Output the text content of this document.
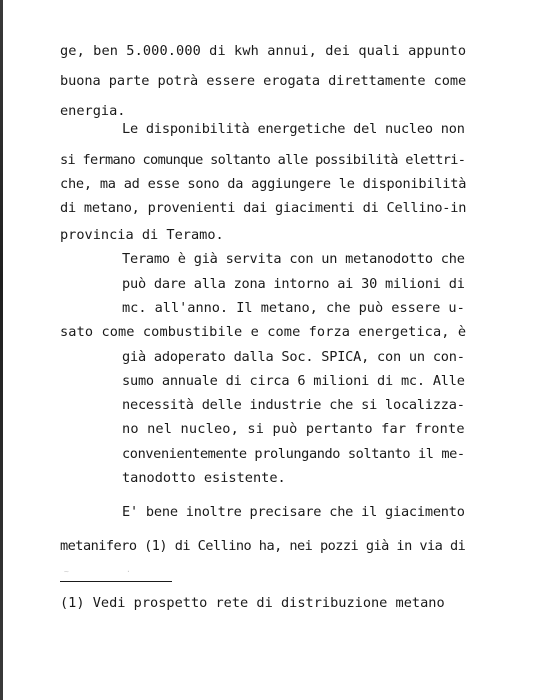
ge, ben 5.000.000 di kwh annui, dei quali appunto
buona parte potrà essere erogata direttamente come
energia.
Le disponibilità energetiche del nucleo non
si fermano comunque soltanto alle possibilità elettri-
che, ma ad esse sono da aggiungere le disponibilità
di metano, provenienti dai giacimenti di Cellino-in
provincia di Teramo.
Teramo è già servita con un metanodotto che
può dare alla zona intorno ai 30 milioni di
mc. all'anno. Il metano, che può essere u-
sato come combustibile e come forza energetica, è
già adoperato dalla Soc. SPICA, con un con-
sumo annuale di circa 6 milioni di mc. Alle
necessità delle industrie che si localizza-
no nel nucleo, si può pertanto far fronte
convenientemente prolungando soltanto il me-
tanodotto esistente.
E' bene inoltre precisare che il giacimento
metanifero (1) di Cellino ha, nei pozzi già in via di
~	·
(1) Vedi prospetto rete di distribuzione metano
